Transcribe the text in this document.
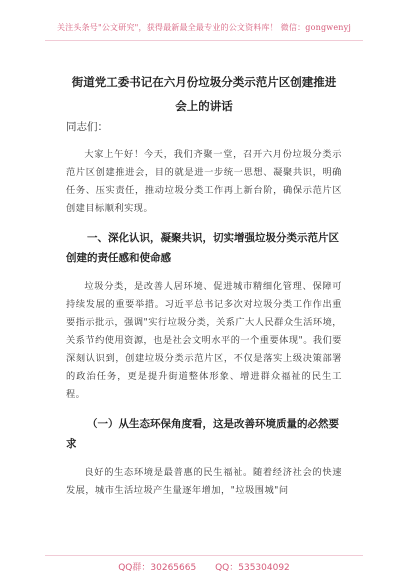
关注头条号"公文研究"，获得最新最全最专业的公文资料库！ 微信：gongwenyj
街道党工委书记在六月份垃圾分类示范片区创建推进会上的讲话

同志们：

大家上午好！今天，我们齐聚一堂，召开六月份垃圾分类示范片区创建推进会，目的就是进一步统一思想、凝聚共识，明确任务、压实责任，推动垃圾分类工作再上新台阶，确保示范片区创建目标顺利实现。

一、深化认识，凝聚共识，切实增强垃圾分类示范片区创建的责任感和使命感

垃圾分类，是改善人居环境、促进城市精细化管理、保障可持续发展的重要举措。习近平总书记多次对垃圾分类工作作出重要指示批示，强调"实行垃圾分类，关系广大人民群众生活环境，关系节约使用资源，也是社会文明水平的一个重要体现"。我们要深刻认识到，创建垃圾分类示范片区，不仅是落实上级决策部署的政治任务，更是提升街道整体形象、增进群众福祉的民生工程。

（一）从生态环保角度看，这是改善环境质量的必然要求

良好的生态环境是最普惠的民生福祉。随着经济社会的快速发展，城市生活垃圾产生量逐年增加，"垃圾围城"问

QQ群：30265665 QQ：535304092
